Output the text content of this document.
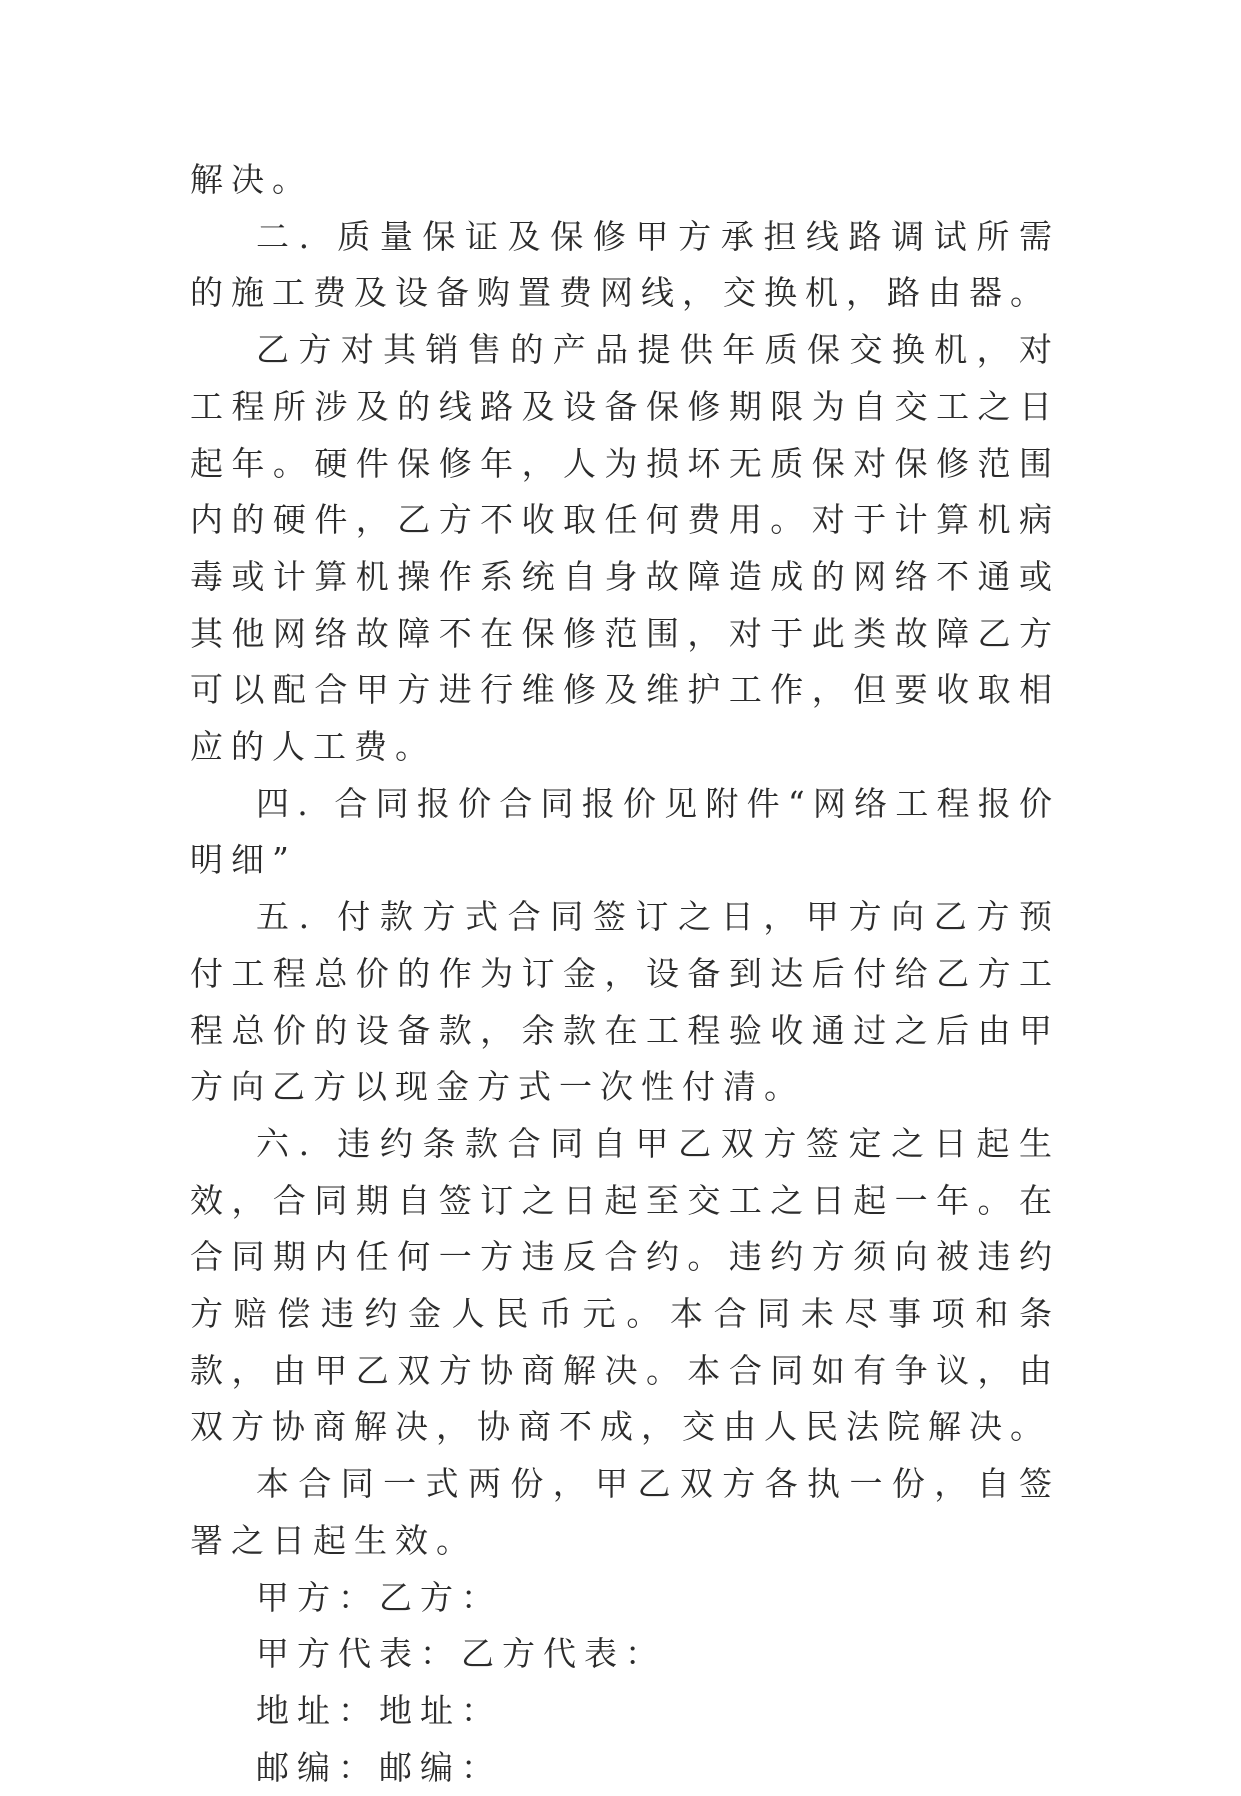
解决。

二. 质量保证及保修甲方承担线路调试所需的施工费及设备购置费网线，交换机，路由器。

乙方对其销售的产品提供年质保交换机，对工程所涉及的线路及设备保修期限为自交工之日起年。硬件保修年，人为损坏无质保对保修范围内的硬件，乙方不收取任何费用。对于计算机病毒或计算机操作系统自身故障造成的网络不通或其他网络故障不在保修范围，对于此类故障乙方可以配合甲方进行维修及维护工作，但要收取相应的人工费。

四. 合同报价合同报价见附件“网络工程报价明细”

五. 付款方式合同签订之日，甲方向乙方预付工程总价的作为订金，设备到达后付给乙方工程总价的设备款，余款在工程验收通过之后由甲方向乙方以现金方式一次性付清。

六. 违约条款合同自甲乙双方签定之日起生效，合同期自签订之日起至交工之日起一年。在合同期内任何一方违反合约。违约方须向被违约方赔偿违约金人民币元。本合同未尽事项和条款，由甲乙双方协商解决。本合同如有争议，由双方协商解决，协商不成，交由人民法院解决。

本合同一式两份，甲乙双方各执一份，自签署之日起生效。

甲方：乙方：

甲方代表：乙方代表：

地址：地址：

邮编：邮编：
